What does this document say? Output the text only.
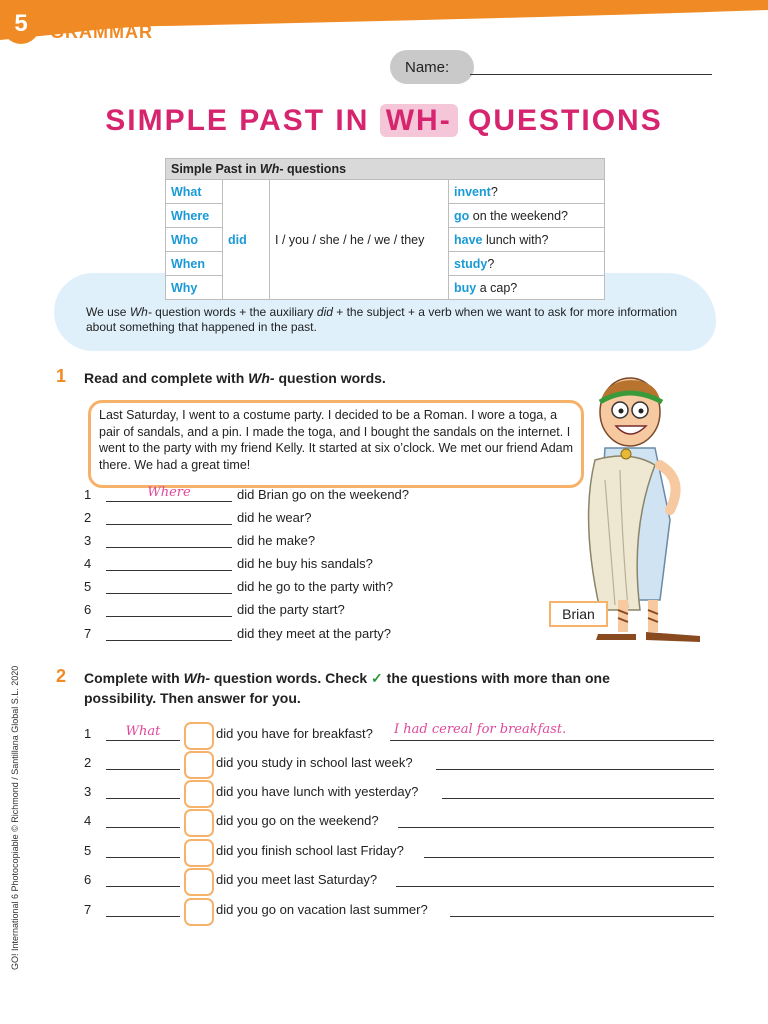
5	GRAMMAR
Name:
SIMPLE PAST IN WH- QUESTIONS
Simple Past in Wh- questions			
What	did	I / you / she / he / we / they	invent?
Where			go on the weekend?
Who			have lunch with?
When			study?
Why			buy a cap?
We use Wh- question words + the auxiliary did + the subject + a verb when we want to ask for more information about something that happened in the past.
1 Read and complete with Wh- question words.
Last Saturday, I went to a costume party. I decided to be a Roman. I wore a toga, a pair of sandals, and a pin. I made the toga, and I bought the sandals on the internet. I went to the party with my friend Kelly. It started at six o’clock. We met our friend Adam there. We had a great time!
1	Where	did Brian go on the weekend?
2	did he wear?
3	did he make?
4	did he buy his sandals?
5	did he go to the party with?
6	did the party start?
7	did they meet at the party?
Brian
2 Complete with Wh- question words. Check ✓ the questions with more than one possibility. Then answer for you.
1	What	did you have for breakfast? I had cereal for breakfast.
2	did you study in school last week?
3	did you have lunch with yesterday?
4	did you go on the weekend?
5	did you finish school last Friday?
6	did you meet last Saturday?
7	did you go on vacation last summer?
GO! International 6 Photocopiable © Richmond / Santillana Global S.L. 2020
